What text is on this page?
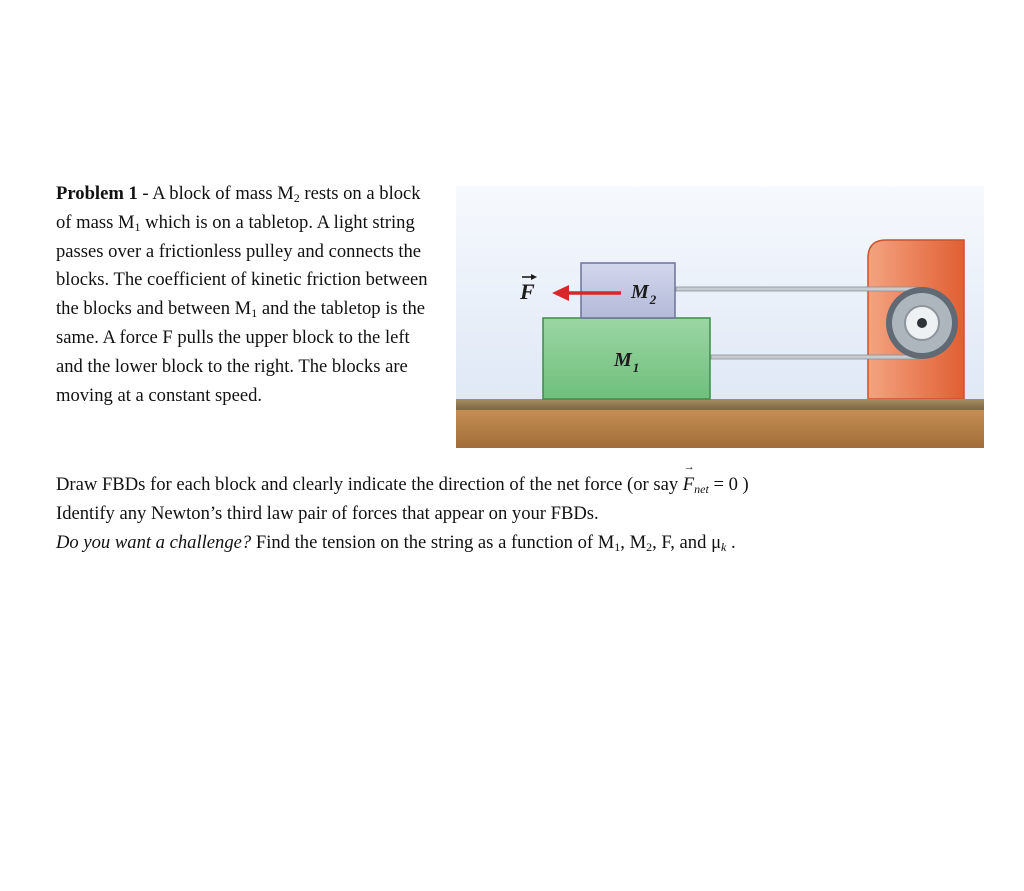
Problem 1 - A block of mass $M_2$ rests on a block of mass $M_1$ which is on a tabletop. A light string passes over a frictionless pulley and connects the blocks. The coefficient of kinetic friction between the blocks and between $M_1$ and the tabletop is the same. A force F pulls the upper block to the left and the lower block to the right. The blocks are moving at a constant speed.
$M_1$
$M_2$
F
Draw FBDs for each block and clearly indicate the direction of the net force (or say
→
$F_{net} = 0$ )
Identify any Newton’s third law pair of forces that appear on your FBDs.
Do you want a challenge? Find the tension on the string as a function of $M_1$, $M_2$, F, and $\mu_k$ .
